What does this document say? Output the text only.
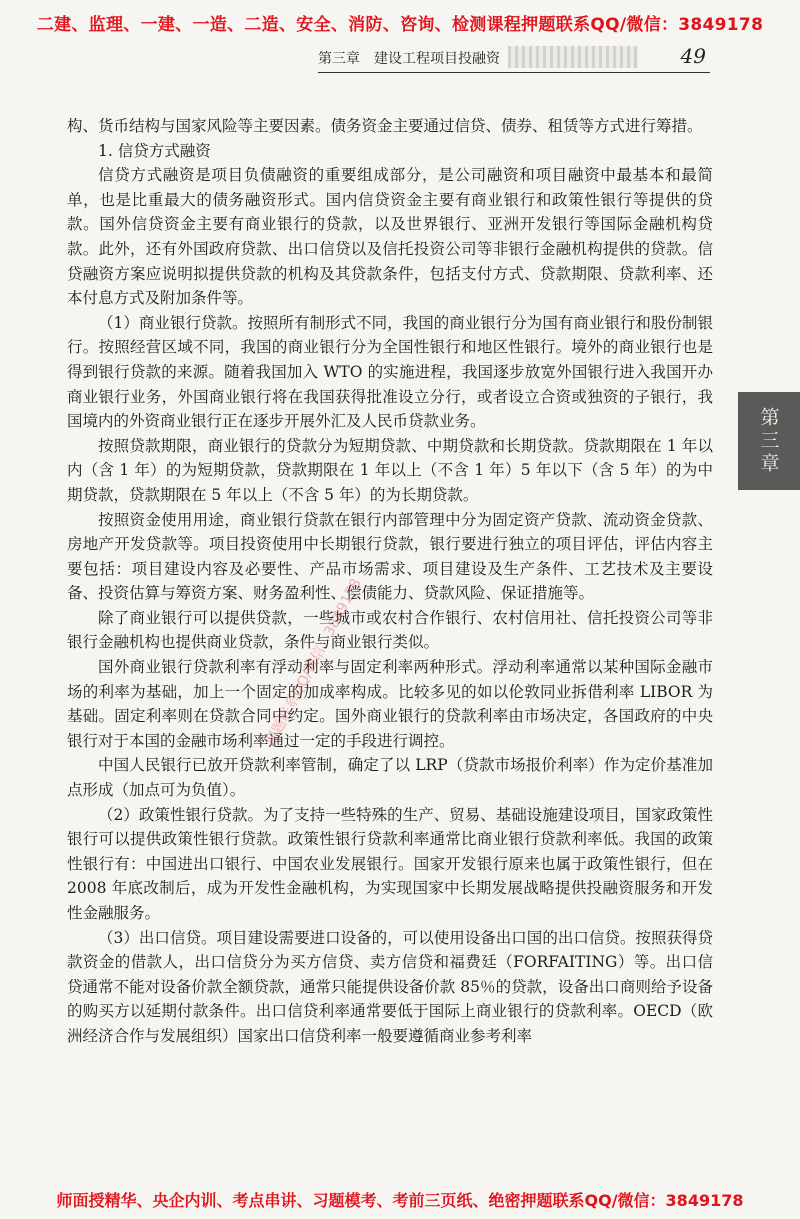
二建、监理、一建、一造、二造、安全、消防、咨询、检测课程押题联系QQ/微信：3849178
第三章　建设工程项目投融资	49
第三章

构、货币结构与国家风险等主要因素。债务资金主要通过信贷、债券、租赁等方式进行筹措。

1. 信贷方式融资

信贷方式融资是项目负债融资的重要组成部分，是公司融资和项目融资中最基本和最简单，也是比重最大的债务融资形式。国内信贷资金主要有商业银行和政策性银行等提供的贷款。国外信贷资金主要有商业银行的贷款，以及世界银行、亚洲开发银行等国际金融机构贷款。此外，还有外国政府贷款、出口信贷以及信托投资公司等非银行金融机构提供的贷款。信贷融资方案应说明拟提供贷款的机构及其贷款条件，包括支付方式、贷款期限、贷款利率、还本付息方式及附加条件等。

（1）商业银行贷款。按照所有制形式不同，我国的商业银行分为国有商业银行和股份制银行。按照经营区域不同，我国的商业银行分为全国性银行和地区性银行。境外的商业银行也是得到银行贷款的来源。随着我国加入 WTO 的实施进程，我国逐步放宽外国银行进入我国开办商业银行业务，外国商业银行将在我国获得批准设立分行，或者设立合资或独资的子银行，我国境内的外资商业银行正在逐步开展外汇及人民币贷款业务。

按照贷款期限，商业银行的贷款分为短期贷款、中期贷款和长期贷款。贷款期限在 1 年以内（含 1 年）的为短期贷款，贷款期限在 1 年以上（不含 1 年）5 年以下（含 5 年）的为中期贷款，贷款期限在 5 年以上（不含 5 年）的为长期贷款。

按照资金使用用途，商业银行贷款在银行内部管理中分为固定资产贷款、流动资金贷款、房地产开发贷款等。项目投资使用中长期银行贷款，银行要进行独立的项目评估，评估内容主要包括：项目建设内容及必要性、产品市场需求、项目建设及生产条件、工艺技术及主要设备、投资估算与筹资方案、财务盈利性、偿债能力、贷款风险、保证措施等。

除了商业银行可以提供贷款，一些城市或农村合作银行、农村信用社、信托投资公司等非银行金融机构也提供商业贷款，条件与商业银行类似。

国外商业银行贷款利率有浮动利率与固定利率两种形式。浮动利率通常以某种国际金融市场的利率为基础，加上一个固定的加成率构成。比较多见的如以伦敦同业拆借利率 LIBOR 为基础。固定利率则在贷款合同中约定。国外商业银行的贷款利率由市场决定，各国政府的中央银行对于本国的金融市场利率通过一定的手段进行调控。

中国人民银行已放开贷款利率管制，确定了以 LRP（贷款市场报价利率）作为定价基准加点形成（加点可为负值）。

（2）政策性银行贷款。为了支持一些特殊的生产、贸易、基础设施建设项目，国家政策性银行可以提供政策性银行贷款。政策性银行贷款利率通常比商业银行贷款利率低。我国的政策性银行有：中国进出口银行、中国农业发展银行。国家开发银行原来也属于政策性银行，但在 2008 年底改制后，成为开发性金融机构，为实现国家中长期发展战略提供投融资服务和开发性金融服务。

（3）出口信贷。项目建设需要进口设备的，可以使用设备出口国的出口信贷。按照获得贷款资金的借款人，出口信贷分为买方信贷、卖方信贷和福费廷（FORFAITING）等。出口信贷通常不能对设备价款全额贷款，通常只能提供设备价款 85％的贷款，设备出口商则给予设备的购买方以延期付款条件。出口信贷利率通常要低于国际上商业银行的贷款利率。OECD（欧洲经济合作与发展组织）国家出口信贷利率一般要遵循商业参考利率

押题联系QQ/微信：3849178
师面授精华、央企内训、考点串讲、习题模考、考前三页纸、绝密押题联系QQ/微信：3849178
